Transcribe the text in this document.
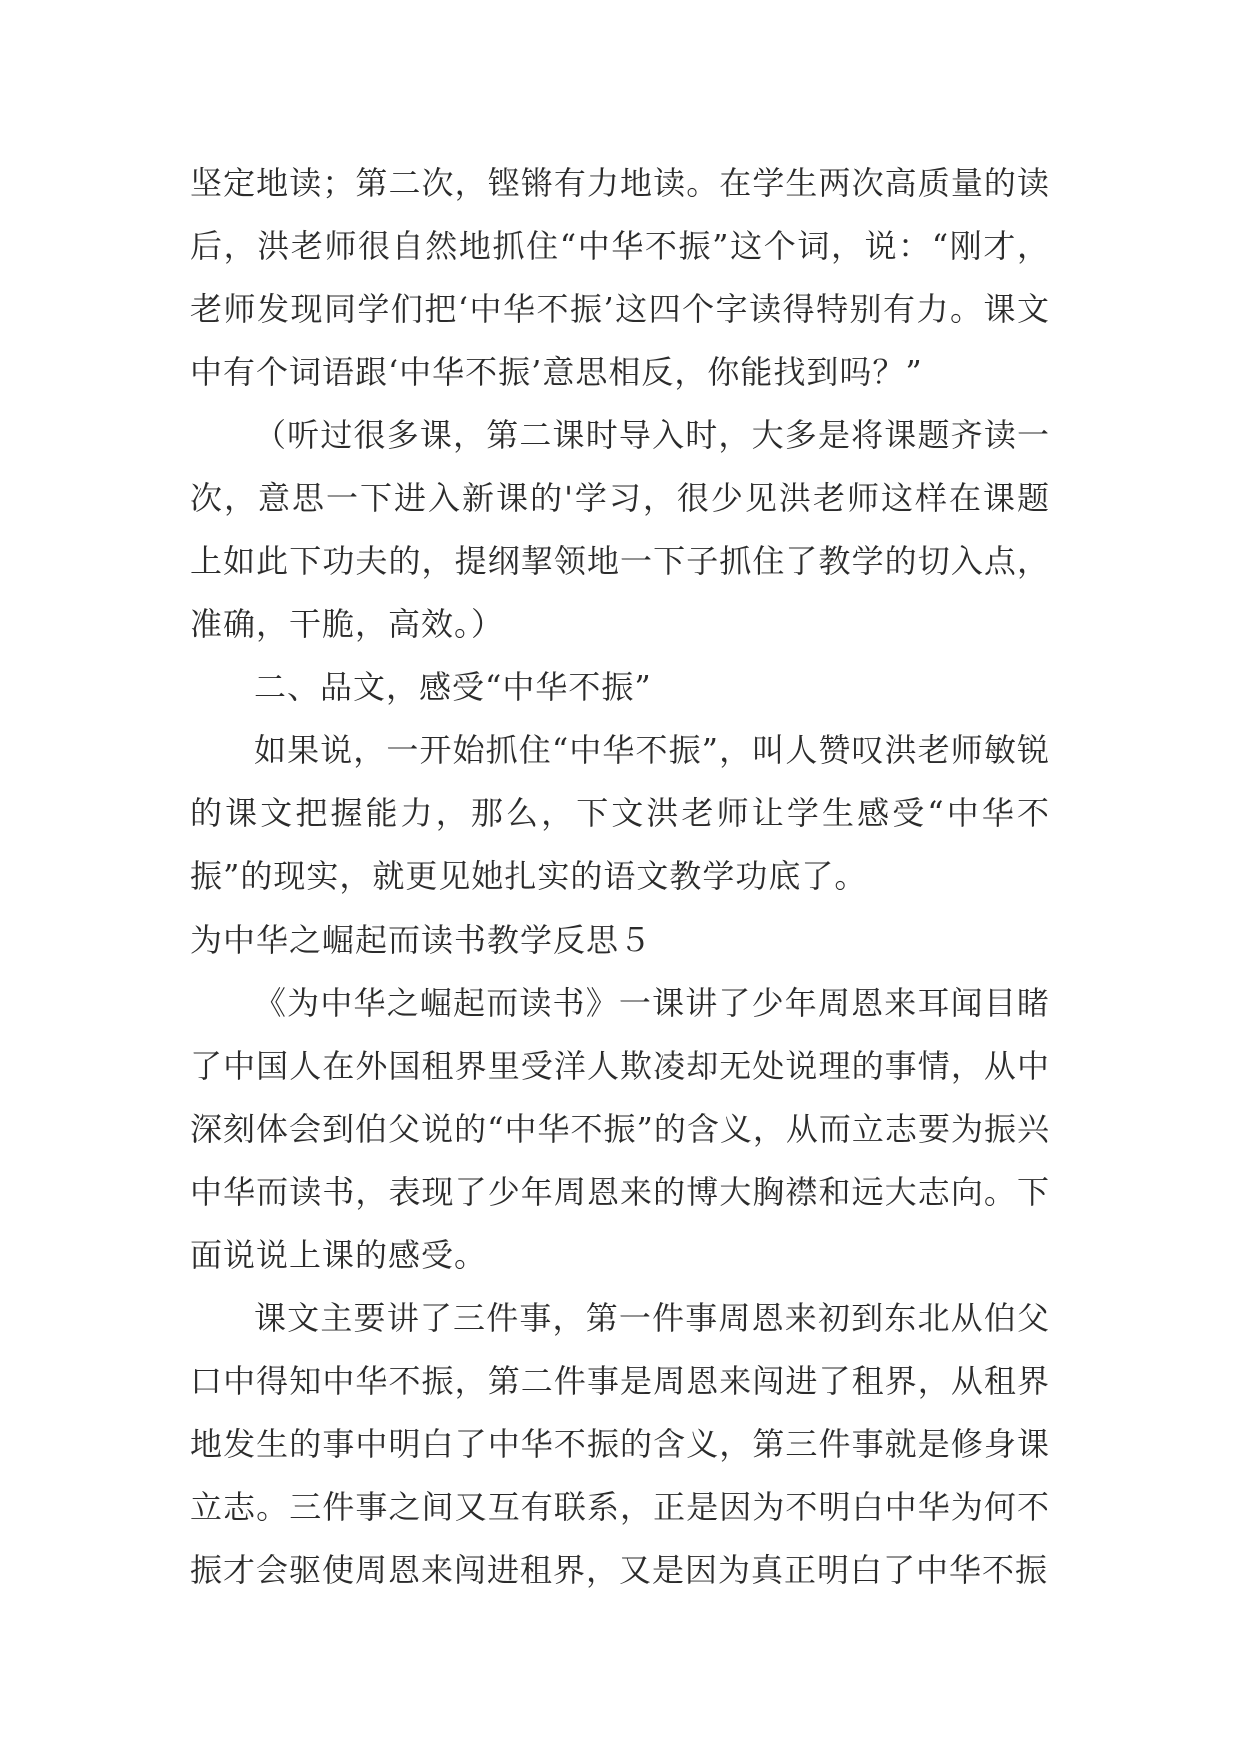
坚定地读；第二次，铿锵有力地读。在学生两次高质量的读后，洪老师很自然地抓住“中华不振”这个词，说：“刚才，老师发现同学们把‘中华不振’这四个字读得特别有力。课文中有个词语跟‘中华不振’意思相反，你能找到吗？”

（听过很多课，第二课时导入时，大多是将课题齐读一次，意思一下进入新课的'学习，很少见洪老师这样在课题上如此下功夫的，提纲挈领地一下子抓住了教学的切入点，准确，干脆，高效。）

二、品文，感受“中华不振”

如果说，一开始抓住“中华不振”，叫人赞叹洪老师敏锐的课文把握能力，那么，下文洪老师让学生感受“中华不振”的现实，就更见她扎实的语文教学功底了。

为中华之崛起而读书教学反思５

《为中华之崛起而读书》一课讲了少年周恩来耳闻目睹了中国人在外国租界里受洋人欺凌却无处说理的事情，从中深刻体会到伯父说的“中华不振”的含义，从而立志要为振兴中华而读书，表现了少年周恩来的博大胸襟和远大志向。下面说说上课的感受。

课文主要讲了三件事，第一件事周恩来初到东北从伯父口中得知中华不振，第二件事是周恩来闯进了租界，从租界地发生的事中明白了中华不振的含义，第三件事就是修身课立志。三件事之间又互有联系，正是因为不明白中华为何不振才会驱使周恩来闯进租界，又是因为真正明白了中华不振
